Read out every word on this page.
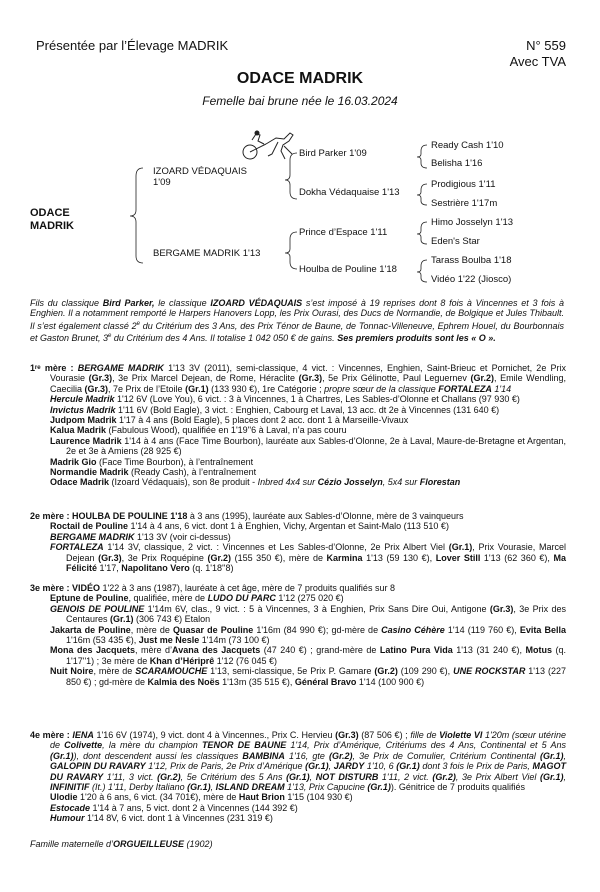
Présentée par l’Élevage MADRIK	N° 559
Avec TVA
ODACE MADRIK
Femelle bai brune née le 16.03.2024
ODACE
MADRIK
IZOARD VÉDAQUAIS
1'09
BERGAME MADRIK 1'13
Bird Parker 1'09
Dokha Védaquaise 1'13
Prince d’Espace 1'11
Houlba de Pouline 1'18
Ready Cash 1'10
Belisha 1'16
Prodigious 1'11
Sestrière 1'17m
Himo Josselyn 1'13
Eden's Star
Tarass Boulba 1'18
Vidéo 1'22 (Jiosco)
Fils du classique Bird Parker, le classique IZOARD VÉDAQUAIS s’est imposé à 19 reprises dont 8 fois à Vincennes et 3 fois à Enghien. Il a notamment remporté le Harpers Hanovers Lopp, les Prix Ourasi, des Ducs de Normandie, de Bolgique et Jules Thibault. Il s’est également classé 2e du Critérium des 3 Ans, des Prix Ténor de Baune, de Tonnac-Villeneuve, Ephrem Houel, du Bourbonnais et Gaston Brunet, 3e du Critérium des 4 Ans. Il totalise 1 042 050 € de gains. Ses premiers produits sont les « O ».
1ʳᵉ mère : BERGAME MADRIK 1'13 3V (2011), semi-classique, 4 vict. : Vincennes, Enghien, Saint-Brieuc et Pornichet, 2e Prix Vourasie (Gr.3), 3e Prix Marcel Dejean, de Rome, Héraclite (Gr.3), 5e Prix Gélinotte, Paul Leguernev (Gr.2), Emile Wendling, Caecilia (Gr.3), 7e Prix de l’Etoile (Gr.1) (133 930 €), 1re Catégorie ; propre sœur de la classique FORTALEZA 1'14
Hercule Madrik 1'12 6V (Love You), 6 vict. : 3 à Vincennes, 1 à Chartres, Les Sables-d’Olonne et Challans (97 930 €)
Invictus Madrik 1'11 6V (Bold Eagle), 3 vict. : Enghien, Cabourg et Laval, 13 acc. dt 2e à Vincennes (131 640 €)
Judpom Madrik 1'17 à 4 ans (Bold Eagle), 5 places dont 2 acc. dont 1 à Marseille-Vivaux
Kalua Madrik (Fabulous Wood), qualifiée en 1'19''6 à Laval, n’a pas couru
Laurence Madrik 1'14 à 4 ans (Face Time Bourbon), lauréate aux Sables-d’Olonne, 2e à Laval, Maure-de-Bretagne et Argentan, 2e et 3e à Amiens (28 925 €)
Madrik Gio (Face Time Bourbon), à l’entraînement
Normandie Madrik (Ready Cash), à l’entraînement
Odace Madrik (Izoard Védaquais), son 8e produit - Inbred 4x4 sur Cézio Josselyn, 5x4 sur Florestan
2e mère : HOULBA DE POULINE 1'18 à 3 ans (1995), lauréate aux Sables-d’Olonne, mère de 3 vainqueurs
Roctail de Pouline 1'14 à 4 ans, 6 vict. dont 1 à Enghien, Vichy, Argentan et Saint-Malo (113 510 €)
BERGAME MADRIK 1'13 3V (voir ci-dessus)
FORTALEZA 1'14 3V, classique, 2 vict. : Vincennes et Les Sables-d’Olonne, 2e Prix Albert Viel (Gr.1), Prix Vourasie, Marcel Dejean (Gr.3), 3e Prix Roquépine (Gr.2) (155 350 €), mère de Karmina 1'13 (59 130 €), Lover Still 1'13 (62 360 €), Ma Félicité 1'17, Napolitano Vero (q. 1'18''8)
3e mère : VIDÉO 1'22 à 3 ans (1987), lauréate à cet âge, mère de 7 produits qualifiés sur 8
Eptune de Pouline, qualifiée, mère de LUDO DU PARC 1'12 (275 020 €)
GENOIS DE POULINE 1'14m 6V, clas., 9 vict. : 5 à Vincennes, 3 à Enghien, Prix Sans Dire Oui, Antigone (Gr.3), 3e Prix des Centaures (Gr.1) (306 743 €) Etalon
Jakarta de Pouline, mère de Quasar de Pouline 1'16m (84 990 €); gd-mère de Casino Céhère 1'14 (119 760 €), Evita Bella 1'16m (53 435 €), Just me Nesle 1'14m (73 100 €)
Mona des Jacquets, mère d’Avana des Jacquets (47 240 €) ; grand-mère de Latino Pura Vida 1'13 (31 240 €), Motus (q. 1'17''1) ; 3e mère de Khan d’Hériprê 1'12 (76 045 €)
Nuit Noire, mère de SCARAMOUCHE 1'13, semi-classique, 5e Prix P. Gamare (Gr.2) (109 290 €), UNE ROCKSTAR 1'13 (227 850 €) ; gd-mère de Kalmia des Noës 1'13m (35 515 €), Général Bravo 1'14 (100 900 €)
4e mère : IENA 1'16 6V (1974), 9 vict. dont 4 à Vincennes., Prix C. Hervieu (Gr.3) (87 506 €) ; fille de Violette VI 1'20m (sœur utérine de Colivette, la mère du champion TENOR DE BAUNE 1'14, Prix d’Amérique, Critériums des 4 Ans, Continental et 5 Ans (Gr.1)), dont descendent aussi les classiques BAMBINA 1'16, gte (Gr.2), 3e Prix de Cornulier, Critérium Continental (Gr.1), GALOPIN DU RAVARY 1'12, Prix de Paris, 2e Prix d’Amérique (Gr.1), JARDY 1'10, 6 (Gr.1) dont 3 fois le Prix de Paris, MAGOT DU RAVARY 1'11, 3 vict. (Gr.2), 5e Critérium des 5 Ans (Gr.1), NOT DISTURB 1'11, 2 vict. (Gr.2), 3e Prix Albert Viel (Gr.1), INFINITIF (It.) 1'11, Derby Italiano (Gr.1), ISLAND DREAM 1'13, Prix Capucine (Gr.1)). Génitrice de 7 produits qualifiés
Ulodie 1'20 à 6 ans, 6 vict. (34 701€), mère de Haut Brion 1'15 (104 930 €)
Estocade 1'14 à 7 ans, 5 vict. dont 2 à Vincennes (144 392 €)
Humour 1'14 8V, 6 vict. dont 1 à Vincennes (231 319 €)
Famille maternelle d’ORGUEILLEUSE (1902)
